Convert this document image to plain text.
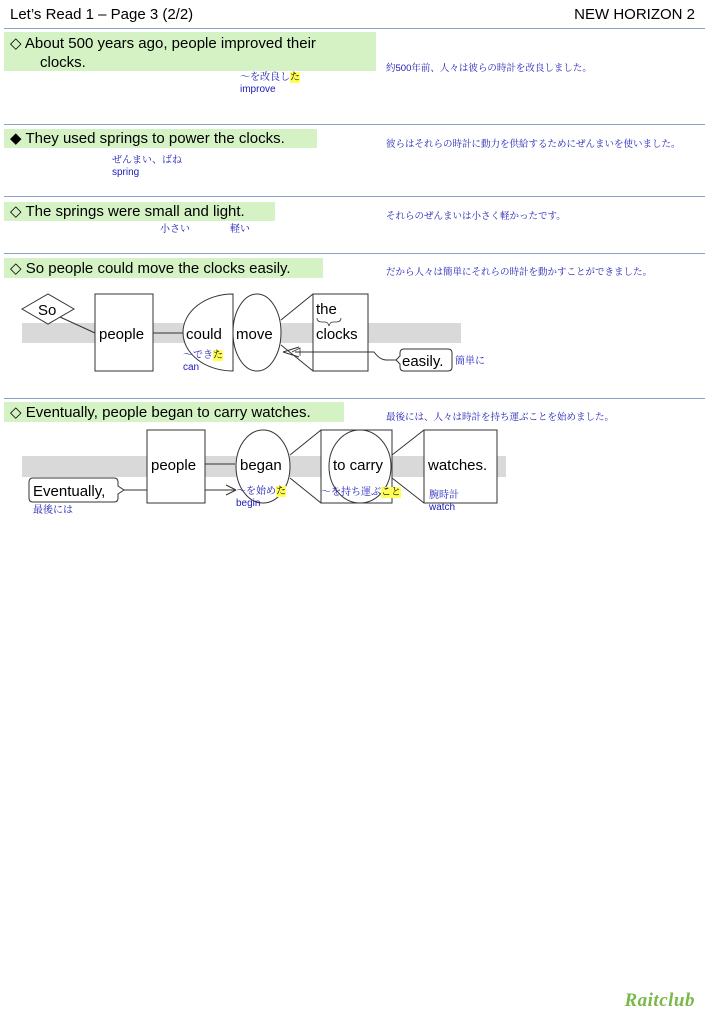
Let’s Read 1 – Page 3 (2/2)	NEW HORIZON 2
◇ About 500 years ago, people improved their
clocks.
～を改良した
improve
約500年前、人々は彼らの時計を改良しました。
◆ They used springs to power the clocks.
ぜんまい、ばね
spring
彼らはそれらの時計に動力を供給するためにぜんまいを使いました。
◇ The springs were small and light.
小さい	軽い
それらのぜんまいは小さく軽かったです。
◇ So people could move the clocks easily.	だから人々は簡単にそれらの時計を動かすことができました。
So
people	could move
the
clocks
easily.
～できた
can
簡単に
◇ Eventually, people began to carry watches.	最後には、人々は時計を持ち運ぶことを始めました。
Eventually,
people	began	to carry	watches.
最後には
～を始めた
begin
～を持ち運ぶこと	腕時計
watch
Raitclub
